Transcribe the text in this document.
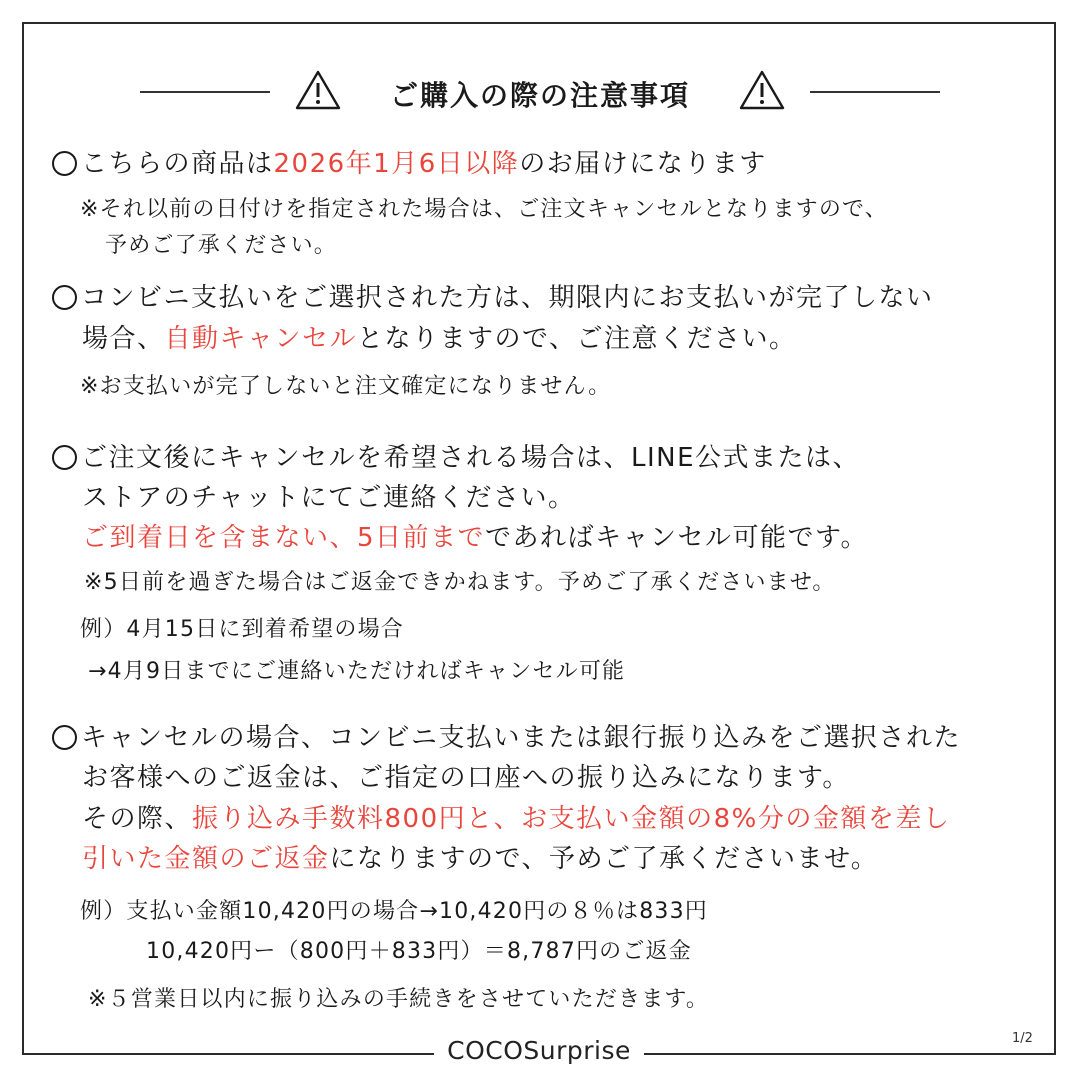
ご購入の際の注意事項
こちらの商品は2026年1月6日以降のお届けになります
※それ以前の日付けを指定された場合は、ご注文キャンセルとなりますので、
予めご了承ください。
コンビニ支払いをご選択された方は、期限内にお支払いが完了しない
場合、自動キャンセルとなりますので、ご注意ください。
※お支払いが完了しないと注文確定になりません。
ご注文後にキャンセルを希望される場合は、LINE公式または、
ストアのチャットにてご連絡ください。
ご到着日を含まない、5日前までであればキャンセル可能です。
※5日前を過ぎた場合はご返金できかねます。予めご了承くださいませ。
例）4月15日に到着希望の場合
→4月9日までにご連絡いただければキャンセル可能
キャンセルの場合、コンビニ支払いまたは銀行振り込みをご選択された
お客様へのご返金は、ご指定の口座への振り込みになります。
その際、振り込み手数料800円と、お支払い金額の8%分の金額を差し
引いた金額のご返金になりますので、予めご了承くださいませ。
例）支払い金額10,420円の場合→10,420円の８％は833円
10,420円ー（800円＋833円）＝8,787円のご返金
※５営業日以内に振り込みの手続きをさせていただきます。
1/2
COCOSurprise
